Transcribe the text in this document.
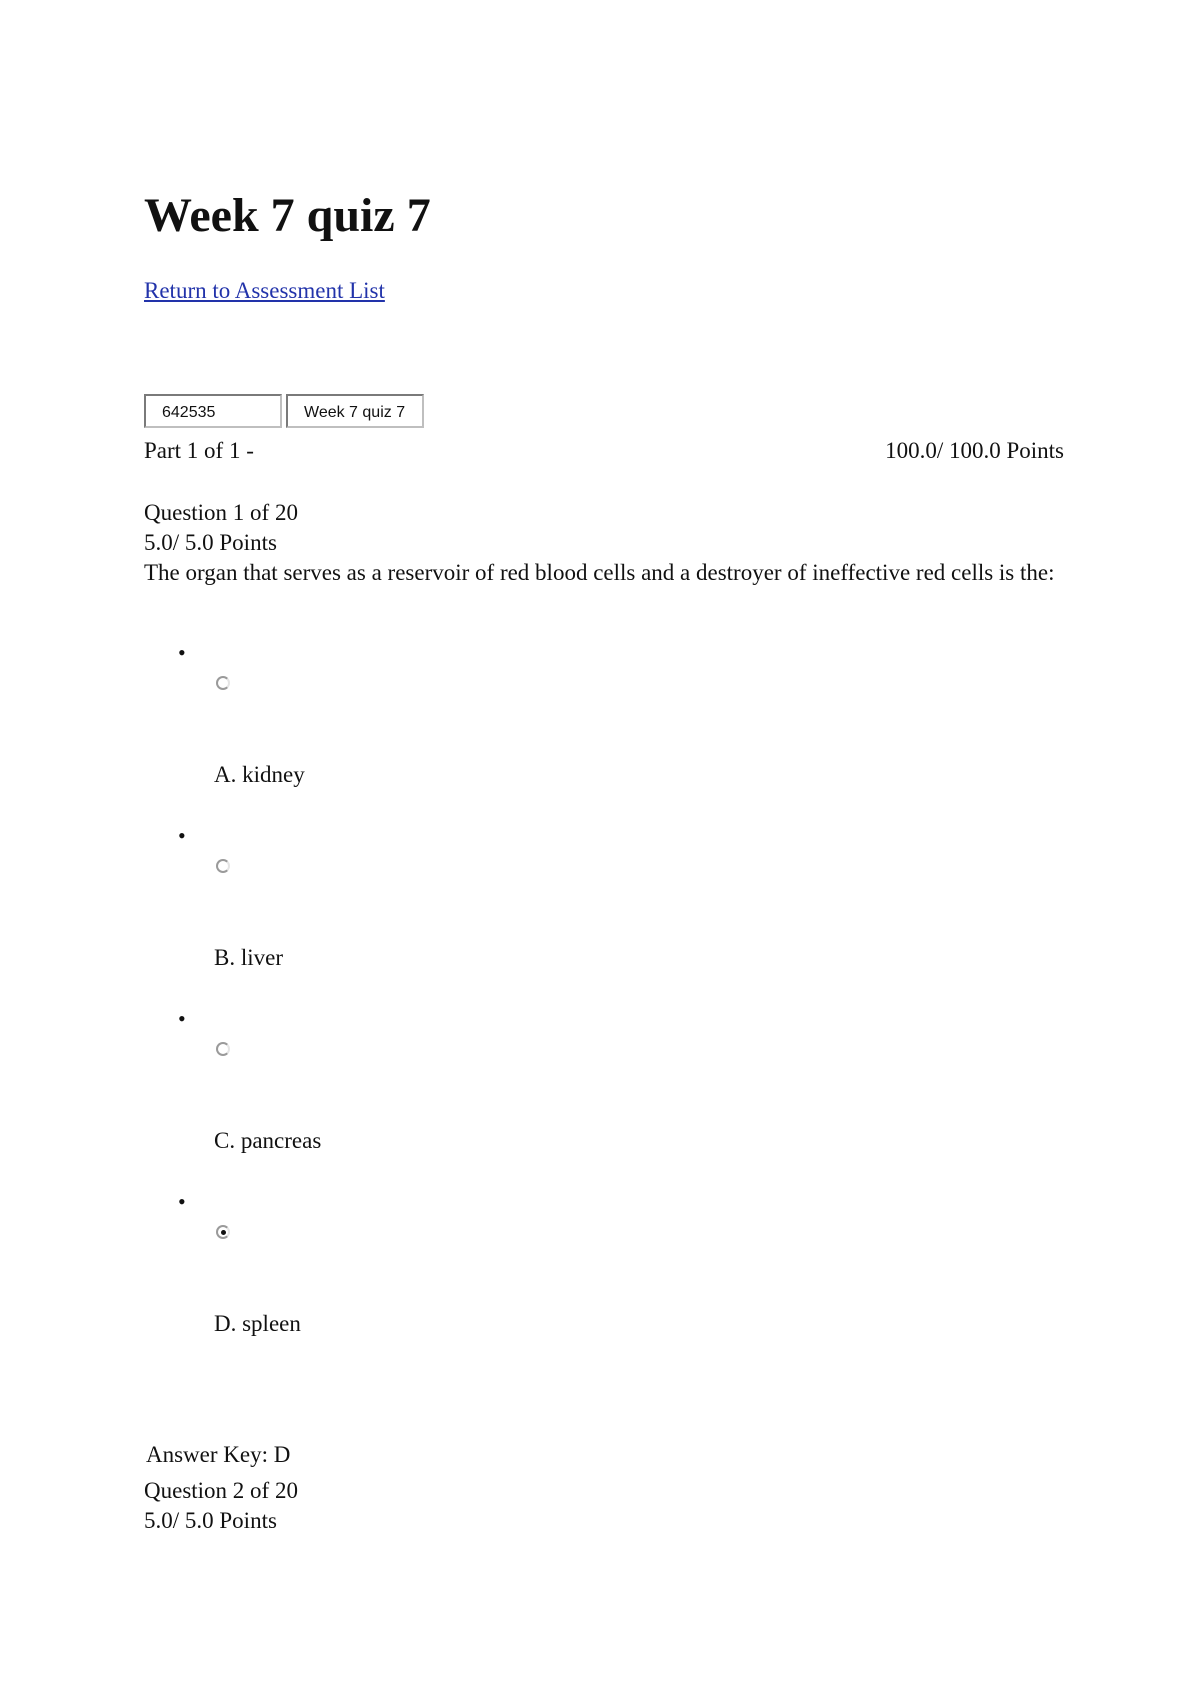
Week 7 quiz 7
Return to Assessment List
642535	Week 7 quiz 7
Part 1 of 1 -	100.0/ 100.0 Points
Question 1 of 20
5.0/ 5.0 Points

The organ that serves as a reservoir of red blood cells and a destroyer of ineffective red cells is the:

•
A. kidney
•
B. liver
•
C. pancreas
•
D. spleen
Answer Key: D
Question 2 of 20
5.0/ 5.0 Points
